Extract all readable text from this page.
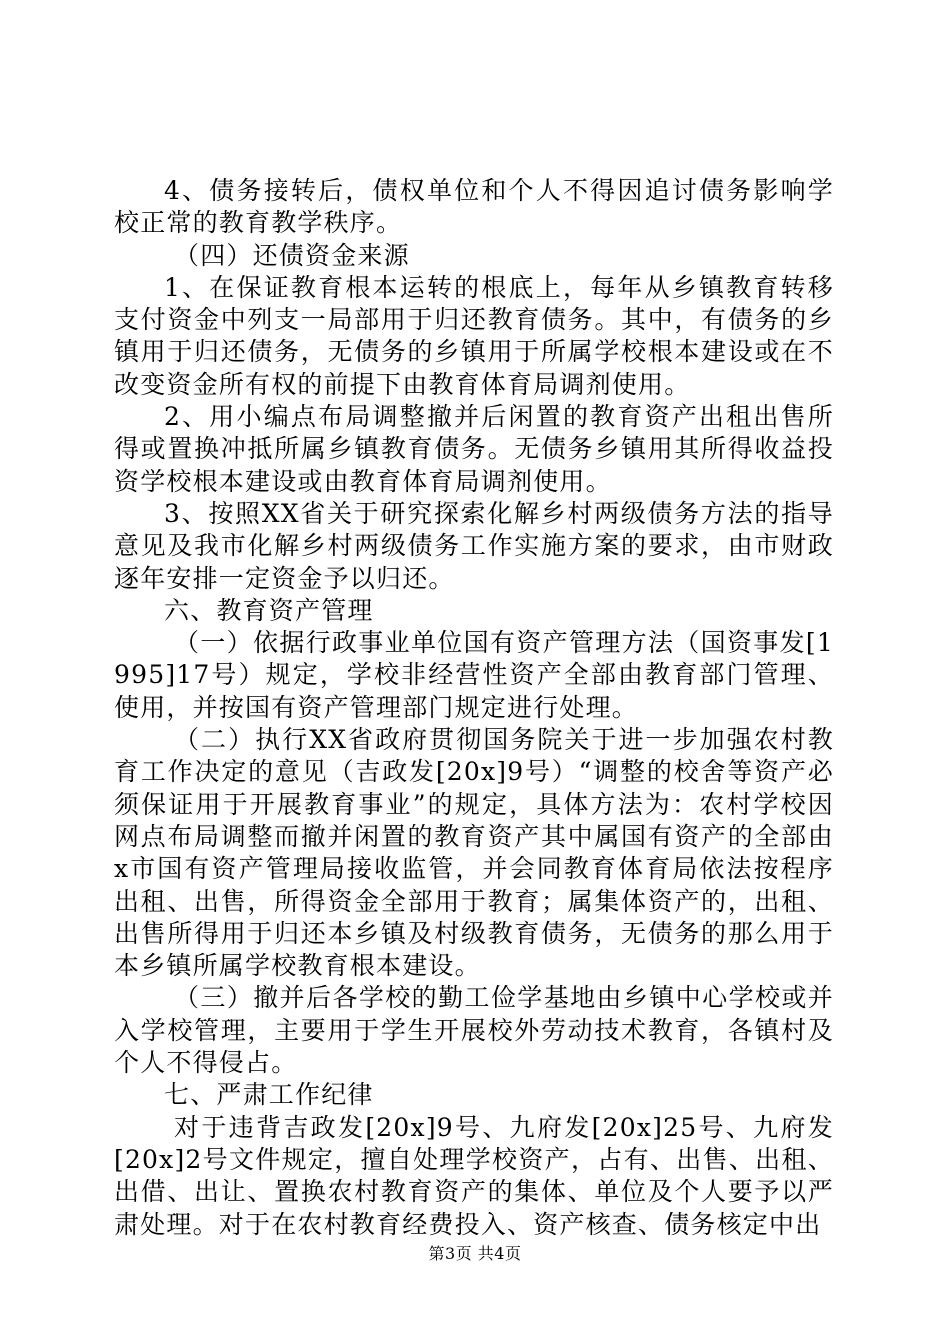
4、债务接转后，债权单位和个人不得因追讨债务影响学校正常的教育教学秩序。

（四）还债资金来源

1、在保证教育根本运转的根底上，每年从乡镇教育转移支付资金中列支一局部用于归还教育债务。其中，有债务的乡镇用于归还债务，无债务的乡镇用于所属学校根本建设或在不改变资金所有权的前提下由教育体育局调剂使用。

2、用小编点布局调整撤并后闲置的教育资产出租出售所得或置换冲抵所属乡镇教育债务。无债务乡镇用其所得收益投资学校根本建设或由教育体育局调剂使用。

3、按照XX省关于研究探索化解乡村两级债务方法的指导意见及我市化解乡村两级债务工作实施方案的要求，由市财政逐年安排一定资金予以归还。

六、教育资产管理

（一）依据行政事业单位国有资产管理方法（国资事发[1995]17号）规定，学校非经营性资产全部由教育部门管理、使用，并按国有资产管理部门规定进行处理。

（二）执行XX省政府贯彻国务院关于进一步加强农村教育工作决定的意见（吉政发[20x]9号）“调整的校舍等资产必须保证用于开展教育事业”的规定，具体方法为：农村学校因网点布局调整而撤并闲置的教育资产其中属国有资产的全部由x市国有资产管理局接收监管，并会同教育体育局依法按程序出租、出售，所得资金全部用于教育；属集体资产的，出租、出售所得用于归还本乡镇及村级教育债务，无债务的那么用于本乡镇所属学校教育根本建设。

（三）撤并后各学校的勤工俭学基地由乡镇中心学校或并入学校管理，主要用于学生开展校外劳动技术教育，各镇村及个人不得侵占。

七、严肃工作纪律

对于违背吉政发[20x]9号、九府发[20x]25号、九府发[20x]2号文件规定，擅自处理学校资产，占有、出售、出租、出借、出让、置换农村教育资产的集体、单位及个人要予以严肃处理。对于在农村教育经费投入、资产核查、债务核定中出

第3页 共4页
